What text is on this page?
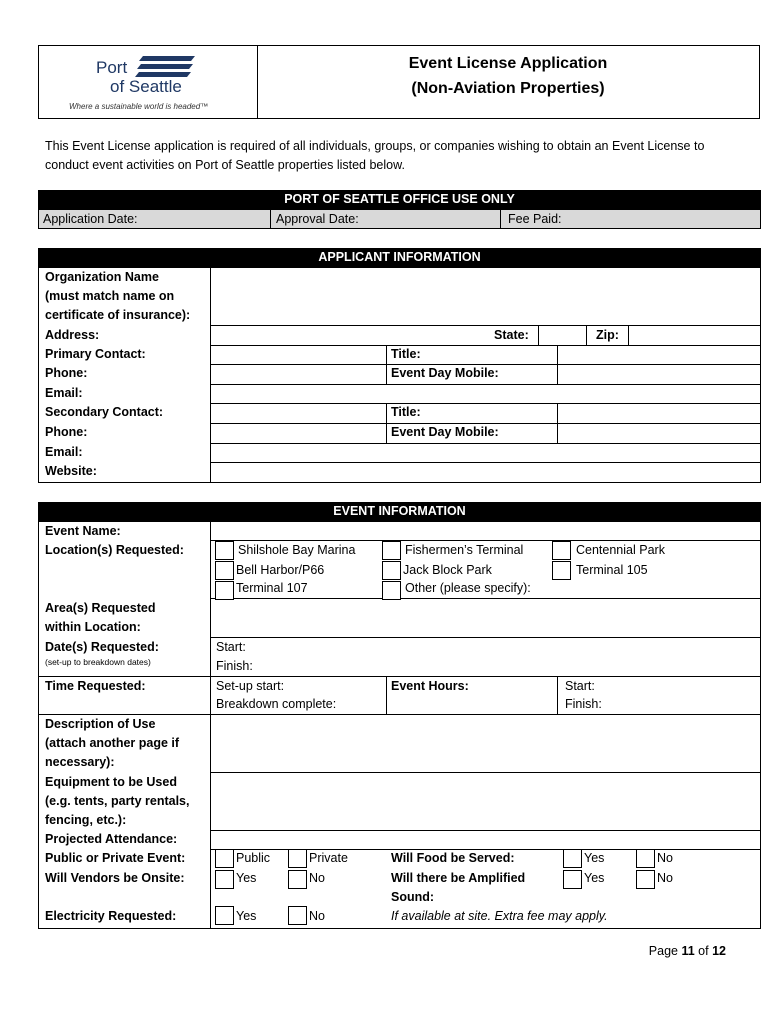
Port
of Seattle
Where a sustainable world is headed™
Event License Application
(Non-Aviation Properties)
This Event License application is required of all individuals, groups, or companies wishing to obtain an Event License to
conduct event activities on Port of Seattle properties listed below.
PORT OF SEATTLE OFFICE USE ONLY
Application Date:	Approval Date:	Fee Paid:
APPLICANT INFORMATION
Organization Name
(must match name on
certificate of insurance):
Address:	State:	Zip:
Primary Contact:	Title:
Phone:	Event Day Mobile:
Email:
Secondary Contact:	Title:
Phone:	Event Day Mobile:
Email:
Website:
EVENT INFORMATION
Event Name:
Location(s) Requested:	Shilshole Bay Marina	Fishermen’s Terminal	Centennial Park
Bell Harbor/P66	Jack Block Park	Terminal 105
Terminal 107	Other (please specify):
Area(s) Requested
within Location:
Date(s) Requested:
(set-up to breakdown dates)
Start:
Finish:
Time Requested:	Set-up start:
Breakdown complete:
Event Hours:	Start:
Finish:
Description of Use
(attach another page if
necessary):
Equipment to be Used
(e.g. tents, party rentals,
fencing, etc.):
Projected Attendance:
Public or Private Event:	Public	Private	Will Food be Served:	Yes	No
Will Vendors be Onsite:	Yes	No	Will there be Amplified
Sound:
Yes	No
Electricity Requested:	Yes	No	If available at site. Extra fee may apply.
Page 11 of 12
